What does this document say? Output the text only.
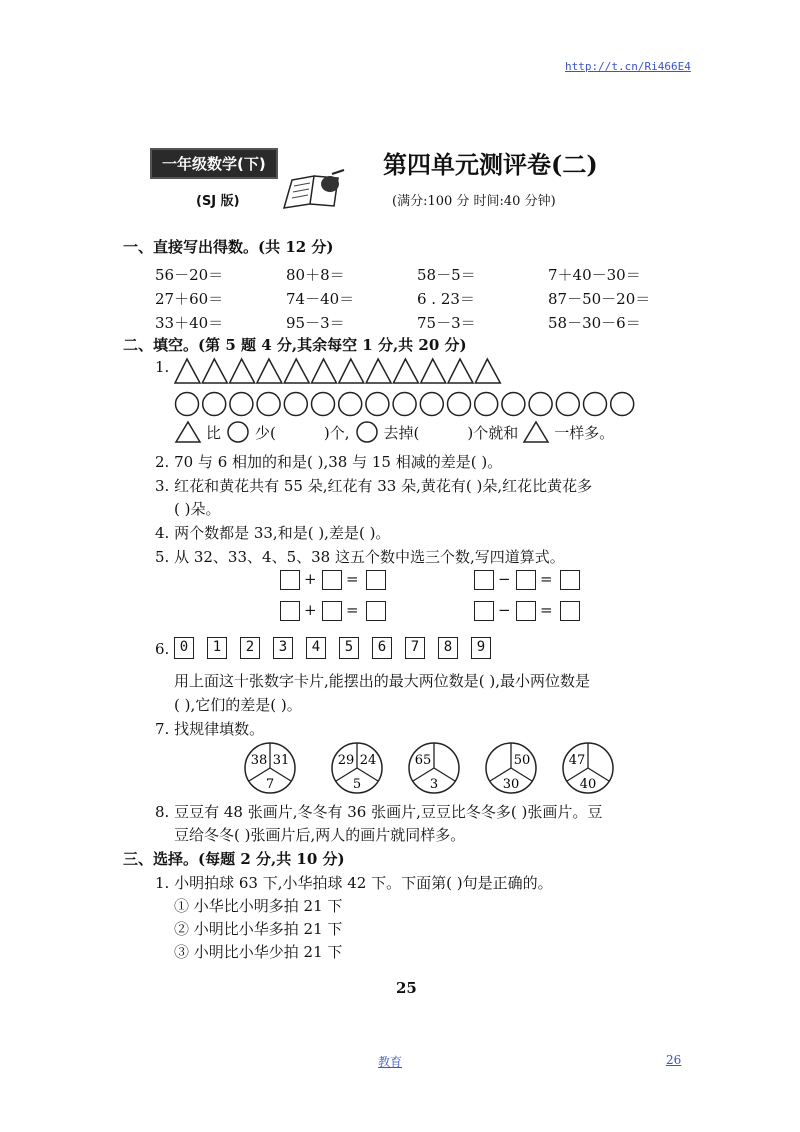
http://t.cn/Ri466E4
一年级数学(下)
(SJ 版)
第四单元测评卷(二)
(满分:100 分 时间:40 分钟)
一、直接写出得数。(共 12 分)
56－20＝	80＋8＝	58－5＝	7＋40－30＝
27＋60＝	74－40＝	6 . 23＝	87－50－20＝
33＋40＝	95－3＝	75－3＝	58－30－6＝
二、填空。(第 5 题 4 分,其余每空 1 分,共 20 分)
1.
比 少(	)个, 去掉(	)个就和 一样多。
2. 70 与 6 相加的和是( ),38 与 15 相减的差是( )。
3. 红花和黄花共有 55 朵,红花有 33 朵,黄花有( )朵,红花比黄花多
( )朵。
4. 两个数都是 33,和是( ),差是( )。
5. 从 32、33、4、5、38 这五个数中选三个数,写四道算式。
+ =
+ =
− =
− =
6. 0	1	2	3	4	5	6	7	8	9
用上面这十张数字卡片,能摆出的最大两位数是( ),最小两位数是
( ),它们的差是( )。
7. 找规律填数。
38 31
7
29 24
5
65
3
50
30
47
40
8. 豆豆有 48 张画片,冬冬有 36 张画片,豆豆比冬冬多( )张画片。豆
豆给冬冬( )张画片后,两人的画片就同样多。
三、选择。(每题 2 分,共 10 分)
1. 小明拍球 63 下,小华拍球 42 下。下面第( )句是正确的。
① 小华比小明多拍 21 下
② 小明比小华多拍 21 下
③ 小明比小华少拍 21 下
25
教育	26
